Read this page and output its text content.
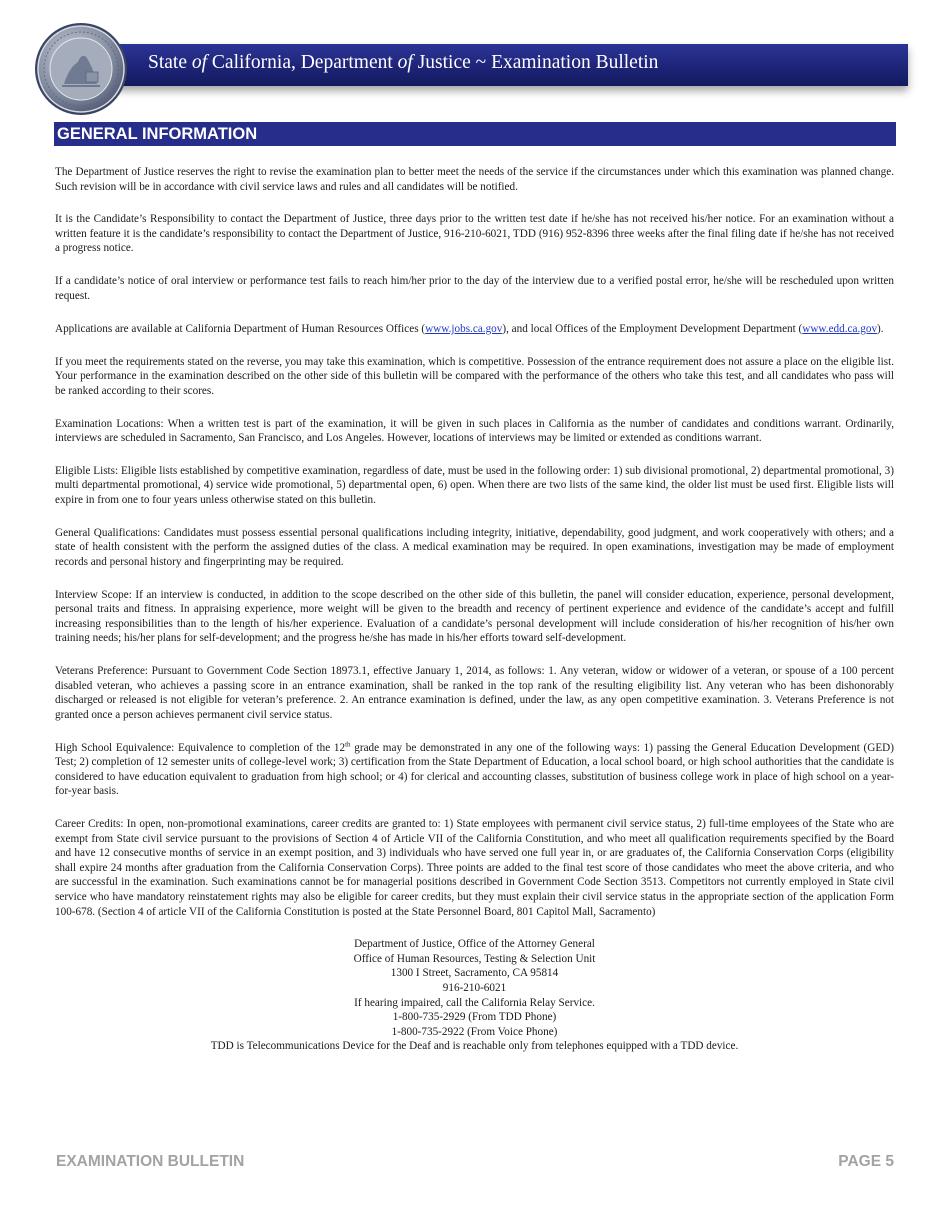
State of California, Department of Justice ~ Examination Bulletin
GENERAL INFORMATION

The Department of Justice reserves the right to revise the examination plan to better meet the needs of the service if the circumstances under which this examination was planned change. Such revision will be in accordance with civil service laws and rules and all candidates will be notified.

It is the Candidate’s Responsibility to contact the Department of Justice, three days prior to the written test date if he/she has not received his/her notice. For an examination without a written feature it is the candidate’s responsibility to contact the Department of Justice, 916-210-6021, TDD (916) 952-8396 three weeks after the final filing date if he/she has not received a progress notice.

If a candidate’s notice of oral interview or performance test fails to reach him/her prior to the day of the interview due to a verified postal error, he/she will be rescheduled upon written request.

Applications are available at California Department of Human Resources Offices (www.jobs.ca.gov), and local Offices of the Employment Development Department (www.edd.ca.gov).

If you meet the requirements stated on the reverse, you may take this examination, which is competitive. Possession of the entrance requirement does not assure a place on the eligible list. Your performance in the examination described on the other side of this bulletin will be compared with the performance of the others who take this test, and all candidates who pass will be ranked according to their scores.

Examination Locations: When a written test is part of the examination, it will be given in such places in California as the number of candidates and conditions warrant. Ordinarily, interviews are scheduled in Sacramento, San Francisco, and Los Angeles. However, locations of interviews may be limited or extended as conditions warrant.

Eligible Lists: Eligible lists established by competitive examination, regardless of date, must be used in the following order: 1) sub divisional promotional, 2) departmental promotional, 3) multi departmental promotional, 4) service wide promotional, 5) departmental open, 6) open. When there are two lists of the same kind, the older list must be used first. Eligible lists will expire in from one to four years unless otherwise stated on this bulletin.

General Qualifications: Candidates must possess essential personal qualifications including integrity, initiative, dependability, good judgment, and work cooperatively with others; and a state of health consistent with the perform the assigned duties of the class. A medical examination may be required. In open examinations, investigation may be made of employment records and personal history and fingerprinting may be required.

Interview Scope: If an interview is conducted, in addition to the scope described on the other side of this bulletin, the panel will consider education, experience, personal development, personal traits and fitness. In appraising experience, more weight will be given to the breadth and recency of pertinent experience and evidence of the candidate’s accept and fulfill increasing responsibilities than to the length of his/her experience. Evaluation of a candidate’s personal development will include consideration of his/her recognition of his/her own training needs; his/her plans for self-development; and the progress he/she has made in his/her efforts toward self-development.

Veterans Preference: Pursuant to Government Code Section 18973.1, effective January 1, 2014, as follows: 1. Any veteran, widow or widower of a veteran, or spouse of a 100 percent disabled veteran, who achieves a passing score in an entrance examination, shall be ranked in the top rank of the resulting eligibility list. Any veteran who has been dishonorably discharged or released is not eligible for veteran’s preference. 2. An entrance examination is defined, under the law, as any open competitive examination. 3. Veterans Preference is not granted once a person achieves permanent civil service status.

High School Equivalence: Equivalence to completion of the 12th grade may be demonstrated in any one of the following ways: 1) passing the General Education Development (GED) Test; 2) completion of 12 semester units of college-level work; 3) certification from the State Department of Education, a local school board, or high school authorities that the candidate is considered to have education equivalent to graduation from high school; or 4) for clerical and accounting classes, substitution of business college work in place of high school on a year-for-year basis.

Career Credits: In open, non-promotional examinations, career credits are granted to: 1) State employees with permanent civil service status, 2) full-time employees of the State who are exempt from State civil service pursuant to the provisions of Section 4 of Article VII of the California Constitution, and who meet all qualification requirements specified by the Board and have 12 consecutive months of service in an exempt position, and 3) individuals who have served one full year in, or are graduates of, the California Conservation Corps (eligibility shall expire 24 months after graduation from the California Conservation Corps). Three points are added to the final test score of those candidates who meet the above criteria, and who are successful in the examination. Such examinations cannot be for managerial positions described in Government Code Section 3513. Competitors not currently employed in State civil service who have mandatory reinstatement rights may also be eligible for career credits, but they must explain their civil service status in the appropriate section of the application Form 100-678. (Section 4 of article VII of the California Constitution is posted at the State Personnel Board, 801 Capitol Mall, Sacramento)

Department of Justice, Office of the Attorney General
Office of Human Resources, Testing & Selection Unit
1300 I Street, Sacramento, CA 95814
916-210-6021
If hearing impaired, call the California Relay Service.
1-800-735-2929 (From TDD Phone)
1-800-735-2922 (From Voice Phone)
TDD is Telecommunications Device for the Deaf and is reachable only from telephones equipped with a TDD device.
EXAMINATION BULLETIN	PAGE 5
